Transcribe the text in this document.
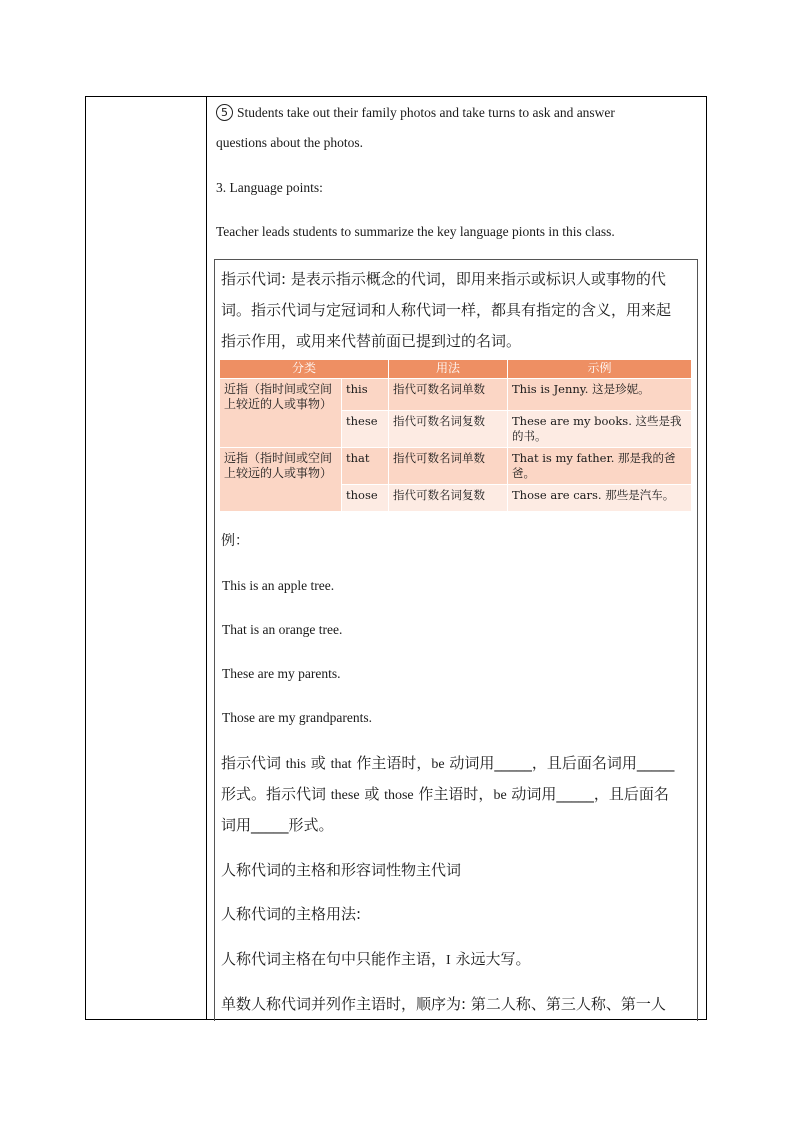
5 Students take out their family photos and take turns to ask and answer
questions about the photos.
3. Language points:
Teacher leads students to summarize the key language pionts in this class.
指示代词: 是表示指示概念的代词，即用来指示或标识人或事物的代
词。指示代词与定冠词和人称代词一样，都具有指定的含义，用来起
指示作用，或用来代替前面已提到过的名词。
分类		用法	示例
近指（指时间或空间上较近的人或事物）	this	指代可数名词单数	This is Jenny. 这是珍妮。
	these	指代可数名词复数	These are my books. 这些是我的书。
远指（指时间或空间上较远的人或事物）	that	指代可数名词单数	That is my father. 那是我的爸爸。
	those	指代可数名词复数	Those are cars. 那些是汽车。
例：
This is an apple tree.
That is an orange tree.
These are my parents.
Those are my grandparents.
指示代词 this 或 that 作主语时，be 动词用_____，且后面名词用_____
形式。指示代词 these 或 those 作主语时，be 动词用_____，且后面名
词用_____形式。
人称代词的主格和形容词性物主代词
人称代词的主格用法:
人称代词主格在句中只能作主语，I 永远大写。
单数人称代词并列作主语时，顺序为: 第二人称、第三人称、第一人
